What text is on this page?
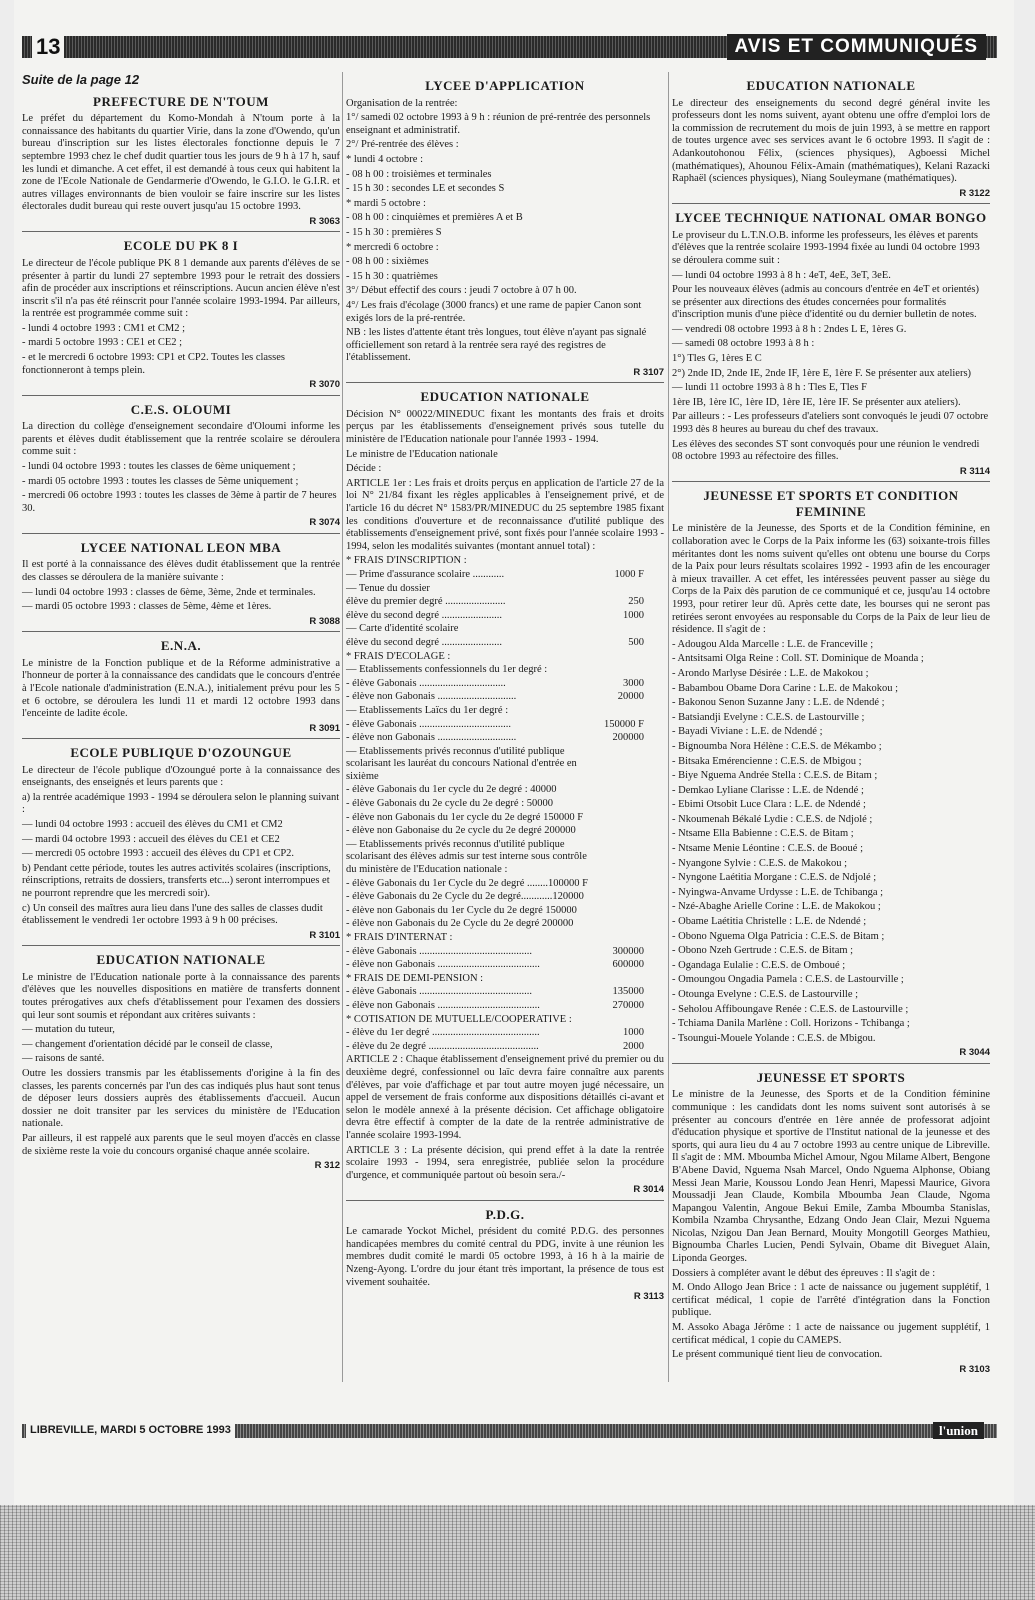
13	AVIS ET COMMUNIQUÉS
Suite de la page 12
PREFECTURE DE N'TOUM

Le préfet du département du Komo-Mondah à N'toum porte à la connaissance des habitants du quartier Virie, dans la zone d'Owendo, qu'un bureau d'inscription sur les listes électorales fonctionne depuis le 7 septembre 1993 chez le chef dudit quartier tous les jours de 9 h à 17 h, sauf les lundi et dimanche. A cet effet, il est demandé à tous ceux qui habitent la zone de l'Ecole Nationale de Gendarmerie d'Owendo, le G.I.O. le G.I.R. et autres villages environnants de bien vouloir se faire inscrire sur les listes électorales dudit bureau qui reste ouvert jusqu'au 15 octobre 1993.

R 3063
ECOLE DU PK 8 I

Le directeur de l'école publique PK 8 1 demande aux parents d'élèves de se présenter à partir du lundi 27 septembre 1993 pour le retrait des dossiers afin de procéder aux inscriptions et réinscriptions. Aucun ancien élève n'est inscrit s'il n'a pas été réinscrit pour l'année scolaire 1993-1994. Par ailleurs, la rentrée est programmée comme suit :

- lundi 4 octobre 1993 : CM1 et CM2 ;
- mardi 5 octobre 1993 : CE1 et CE2 ;
- et le mercredi 6 octobre 1993: CP1 et CP2. Toutes les classes fonctionneront à temps plein.
R 3070
C.E.S. OLOUMI

La direction du collège d'enseignement secondaire d'Oloumi informe les parents et élèves dudit établissement que la rentrée scolaire se déroulera comme suit :

- lundi 04 octobre 1993 : toutes les classes de 6ème uniquement ;
- mardi 05 octobre 1993 : toutes les classes de 5ème uniquement ;
- mercredi 06 octobre 1993 : toutes les classes de 3ème à partir de 7 heures 30.
R 3074
LYCEE NATIONAL LEON MBA

Il est porté à la connaissance des élèves dudit établissement que la rentrée des classes se déroulera de la manière suivante :

— lundi 04 octobre 1993 : classes de 6ème, 3ème, 2nde et terminales.
— mardi 05 octobre 1993 : classes de 5ème, 4ème et 1ères.
R 3088
E.N.A.

Le ministre de la Fonction publique et de la Réforme administrative a l'honneur de porter à la connaissance des candidats que le concours d'entrée à l'Ecole nationale d'administration (E.N.A.), initialement prévu pour les 5 et 6 octobre, se déroulera les lundi 11 et mardi 12 octobre 1993 dans l'enceinte de ladite école.

R 3091
ECOLE PUBLIQUE D'OZOUNGUE

Le directeur de l'école publique d'Ozoungué porte à la connaissance des enseignants, des enseignés et leurs parents que :

a) la rentrée académique 1993 - 1994 se déroulera selon le planning suivant :
— lundi 04 octobre 1993 : accueil des élèves du CM1 et CM2
— mardi 04 octobre 1993 : accueil des élèves du CE1 et CE2
— mercredi 05 octobre 1993 : accueil des élèves du CP1 et CP2.
b) Pendant cette période, toutes les autres activités scolaires (inscriptions, réinscriptions, retraits de dossiers, transferts etc...) seront interrompues et ne pourront reprendre que les mercredi soir).
c) Un conseil des maîtres aura lieu dans l'une des salles de classes dudit établissement le vendredi 1er octobre 1993 à 9 h 00 précises.
R 3101
EDUCATION NATIONALE

Le ministre de l'Education nationale porte à la connaissance des parents d'élèves que les nouvelles dispositions en matière de transferts donnent toutes prérogatives aux chefs d'établissement pour l'examen des dossiers qui leur sont soumis et répondant aux critères suivants :

— mutation du tuteur,
— changement d'orientation décidé par le conseil de classe,
— raisons de santé.

Outre les dossiers transmis par les établissements d'origine à la fin des classes, les parents concernés par l'un des cas indiqués plus haut sont tenus de déposer leurs dossiers auprès des établissements d'accueil. Aucun dossier ne doit transiter par les services du ministère de l'Education nationale.

Par ailleurs, il est rappelé aux parents que le seul moyen d'accès en classe de sixième reste la voie du concours organisé chaque année scolaire.

R 312
LYCEE D'APPLICATION
Organisation de la rentrée:
1°/ samedi 02 octobre 1993 à 9 h : réunion de pré-rentrée des personnels enseignant et administratif.
2°/ Pré-rentrée des élèves :
* lundi 4 octobre :
- 08 h 00 : troisièmes et terminales
- 15 h 30 : secondes LE et secondes S
* mardi 5 octobre :
- 08 h 00 : cinquièmes et premières A et B
- 15 h 30 : premières S
* mercredi 6 octobre :
- 08 h 00 : sixièmes
- 15 h 30 : quatrièmes
3°/ Début effectif des cours : jeudi 7 octobre à 07 h 00.
4°/ Les frais d'écolage (3000 francs) et une rame de papier Canon sont exigés lors de la pré-rentrée.
NB : les listes d'attente étant très longues, tout élève n'ayant pas signalé officiellement son retard à la rentrée sera rayé des registres de l'établissement.
R 3107
EDUCATION NATIONALE

Décision N° 00022/MINEDUC fixant les montants des frais et droits perçus par les établissements d'enseignement privés sous tutelle du ministère de l'Education nationale pour l'année 1993 - 1994.

Le ministre de l'Education nationale
Décide :

ARTICLE 1er : Les frais et droits perçus en application de l'article 27 de la loi N° 21/84 fixant les règles applicables à l'enseignement privé, et de l'article 16 du décret N° 1583/PR/MINEDUC du 25 septembre 1985 fixant les conditions d'ouverture et de reconnaissance d'utilité publique des établissements d'enseignement privé, sont fixés pour l'année scolaire 1993 - 1994, selon les modalités suivantes (montant annuel total) :

* FRAIS D'INSCRIPTION :
— Prime d'assurance scolaire ............	1000 F
— Tenue du dossier
élève du premier degré .......................	250
élève du second degré .......................	1000
— Carte d'identité scolaire
élève du second degré .......................	500
* FRAIS D'ECOLAGE :
— Etablissements confessionnels du 1er degré :
- élève Gabonais .................................	3000
- élève non Gabonais ..............................	20000
— Etablissements Laïcs du 1er degré :
- élève Gabonais ...................................	150000 F
- élève non Gabonais ..............................	200000
— Etablissements privés reconnus d'utilité publique scolarisant les lauréat du concours National d'entrée en sixième
- élève Gabonais du 1er cycle du 2e degré : 40000
- élève Gabonais du 2e cycle du 2e degré : 50000
- élève non Gabonais du 1er cycle du 2e degré 150000 F
- élève non Gabonaise du 2e cycle du 2e degré 200000
— Etablissements privés reconnus d'utilité publique scolarisant des élèves admis sur test interne sous contrôle du ministère de l'Education nationale :
- élève Gabonais du 1er Cycle du 2e degré ........100000 F
- élève Gabonais du 2e Cycle du 2e degré............120000
- élève non Gabonais du 1er Cycle du 2e degré 150000
- élève non Gabonais du 2e Cycle du 2e degré 200000
* FRAIS D'INTERNAT :
- élève Gabonais ...........................................	300000
- élève non Gabonais .......................................	600000
* FRAIS DE DEMI-PENSION :
- élève Gabonais ...........................................	135000
- élève non Gabonais .......................................	270000
* COTISATION DE MUTUELLE/COOPERATIVE :
- élève du 1er degré .........................................	1000
- élève du 2e degré ..........................................	2000

ARTICLE 2 : Chaque établissement d'enseignement privé du premier ou du deuxième degré, confessionnel ou laïc devra faire connaître aux parents d'élèves, par voie d'affichage et par tout autre moyen jugé nécessaire, un appel de versement de frais conforme aux dispositions détaillés ci-avant et selon le modèle annexé à la présente décision. Cet affichage obligatoire devra être effectif à compter de la date de la rentrée administrative de l'année scolaire 1993-1994.

ARTICLE 3 : La présente décision, qui prend effet à la date la rentrée scolaire 1993 - 1994, sera enregistrée, publiée selon la procédure d'urgence, et communiquée partout où besoin sera./-

R 3014
P.D.G.

Le camarade Yockot Michel, président du comité P.D.G. des personnes handicapées membres du comité central du PDG, invite à une réunion les membres dudit comité le mardi 05 octobre 1993, à 16 h à la mairie de Nzeng-Ayong. L'ordre du jour étant très important, la présence de tous est vivement souhaitée.

R 3113
EDUCATION NATIONALE

Le directeur des enseignements du second degré général invite les professeurs dont les noms suivent, ayant obtenu une offre d'emploi lors de la commission de recrutement du mois de juin 1993, à se mettre en rapport de toutes urgence avec ses services avant le 6 octobre 1993. Il s'agit de : Adankoutohonou Félix, (sciences physiques), Agboessi Michel (mathématiques), Ahounou Félix-Amain (mathématiques), Kelani Razacki Raphaël (sciences physiques), Niang Souleymane (mathématiques).

R 3122
LYCEE TECHNIQUE NATIONAL OMAR BONGO
Le proviseur du L.T.N.O.B. informe les professeurs, les élèves et parents d'élèves que la rentrée scolaire 1993-1994 fixée au lundi 04 octobre 1993 se déroulera comme suit :
— lundi 04 octobre 1993 à 8 h : 4eT, 4eE, 3eT, 3eE.
Pour les nouveaux élèves (admis au concours d'entrée en 4eT et orientés) se présenter aux directions des études concernées pour formalités d'inscription munis d'une pièce d'identité ou du dernier bulletin de notes.
— vendredi 08 octobre 1993 à 8 h : 2ndes L E, 1ères G.
— samedi 08 octobre 1993 à 8 h :
1°) Tles G, 1ères E C
2°) 2nde ID, 2nde IE, 2nde IF, 1ère E, 1ère F. Se présenter aux ateliers)
— lundi 11 octobre 1993 à 8 h : Tles E, Tles F
1ère IB, 1ère IC, 1ère ID, 1ère IE, 1ère IF. Se présenter aux ateliers).
Par ailleurs : - Les professeurs d'ateliers sont convoqués le jeudi 07 octobre 1993 dès 8 heures au bureau du chef des travaux.
Les élèves des secondes ST sont convoqués pour une réunion le vendredi 08 octobre 1993 au réfectoire des filles.
R 3114
JEUNESSE ET SPORTS ET CONDITION FEMININE

Le ministère de la Jeunesse, des Sports et de la Condition féminine, en collaboration avec le Corps de la Paix informe les (63) soixante-trois filles méritantes dont les noms suivent qu'elles ont obtenu une bourse du Corps de la Paix pour leurs résultats scolaires 1992 - 1993 afin de les encourager à mieux travailler. A cet effet, les intéressées peuvent passer au siège du Corps de la Paix dès parution de ce communiqué et ce, jusqu'au 14 octobre 1993, pour retirer leur dû. Après cette date, les bourses qui ne seront pas retirées seront envoyées au responsable du Corps de la Paix de leur lieu de résidence. Il s'agit de :

- Adougou Alda Marcelle : L.E. de Franceville ;
- Antsitsami Olga Reine : Coll. ST. Dominique de Moanda ;
- Arondo Marlyse Désirée : L.E. de Makokou ;
- Babambou Obame Dora Carine : L.E. de Makokou ;
- Bakonou Senon Suzanne Jany : L.E. de Ndendé ;
- Batsiandji Evelyne : C.E.S. de Lastourville ;
- Bayadi Viviane : L.E. de Ndendé ;
- Bignoumba Nora Hélène : C.E.S. de Mékambo ;
- Bitsaka Emérencienne : C.E.S. de Mbigou ;
- Biye Nguema Andrée Stella : C.E.S. de Bitam ;
- Demkao Lyliane Clarisse : L.E. de Ndendé ;
- Ebimi Otsobit Luce Clara : L.E. de Ndendé ;
- Nkoumenah Békalé Lydie : C.E.S. de Ndjolé ;
- Ntsame Ella Babienne : C.E.S. de Bitam ;
- Ntsame Menie Léontine : C.E.S. de Booué ;
- Nyangone Sylvie : C.E.S. de Makokou ;
- Nyngone Laétitia Morgane : C.E.S. de Ndjolé ;
- Nyingwa-Anvame Urdysse : L.E. de Tchibanga ;
- Nzé-Abaghe Arielle Corine : L.E. de Makokou ;
- Obame Laétitia Christelle : L.E. de Ndendé ;
- Obono Nguema Olga Patricia : C.E.S. de Bitam ;
- Obono Nzeh Gertrude : C.E.S. de Bitam ;
- Ogandaga Eulalie : C.E.S. de Omboué ;
- Omoungou Ongadia Pamela : C.E.S. de Lastourville ;
- Otounga Evelyne : C.E.S. de Lastourville ;
- Seholou Affibounga​ve Renée : C.E.S. de Lastourville ;
- Tchiama Danila Marlène : Coll. Horizons - Tchibanga ;
- Tsoungui-Mouele Yolande : C.E.S. de Mbigou.
R 3044
JEUNESSE ET SPORTS

Le ministre de la Jeunesse, des Sports et de la Condition féminine communique : les candidats dont les noms suivent sont autorisés à se présenter au concours d'entrée en 1ère année de professorat adjoint d'éducation physique et sportive de l'Institut national de la jeunesse et des sports, qui aura lieu du 4 au 7 octobre 1993 au centre unique de Libreville. Il s'agit de : MM. Mboumba Michel Amour, Ngou Milame Albert, Bengone B'Abene David, Nguema Nsah Marcel, Ondo Nguema Alphonse, Obiang Messi Jean Marie, Koussou Londo Jean Henri, Mapessi Maurice, Givora Moussadji Jean Claude, Kombila Mboumba Jean Claude, Ngoma Mapangou Valentin, Angoue Bekui Emile, Zamba Mboumba Stanislas, Kombila Nzamba Chrysanthe, Edzang Ondo Jean Clair, Mezui Nguema Nicolas, Nzigou Dan Jean Bernard, Mouity Mongotill Georges Mathieu, Bignoumba Charles Lucien, Pendi Sylvain, Obame dit Biveguet Alain, Liponda Georges.

Dossiers à compléter avant le début des épreuves : Il s'agit de :

M. Ondo Allogo Jean Brice : 1 acte de naissance ou jugement supplétif, 1 certificat médical, 1 copie de l'arrêté d'intégration dans la Fonction publique.

M. Assoko Abaga Jérôme : 1 acte de naissance ou jugement supplétif, 1 certificat médical, 1 copie du CAMEPS.

Le présent communiqué tient lieu de convocation.

R 3103
LIBREVILLE, MARDI 5 OCTOBRE 1993	l'union
